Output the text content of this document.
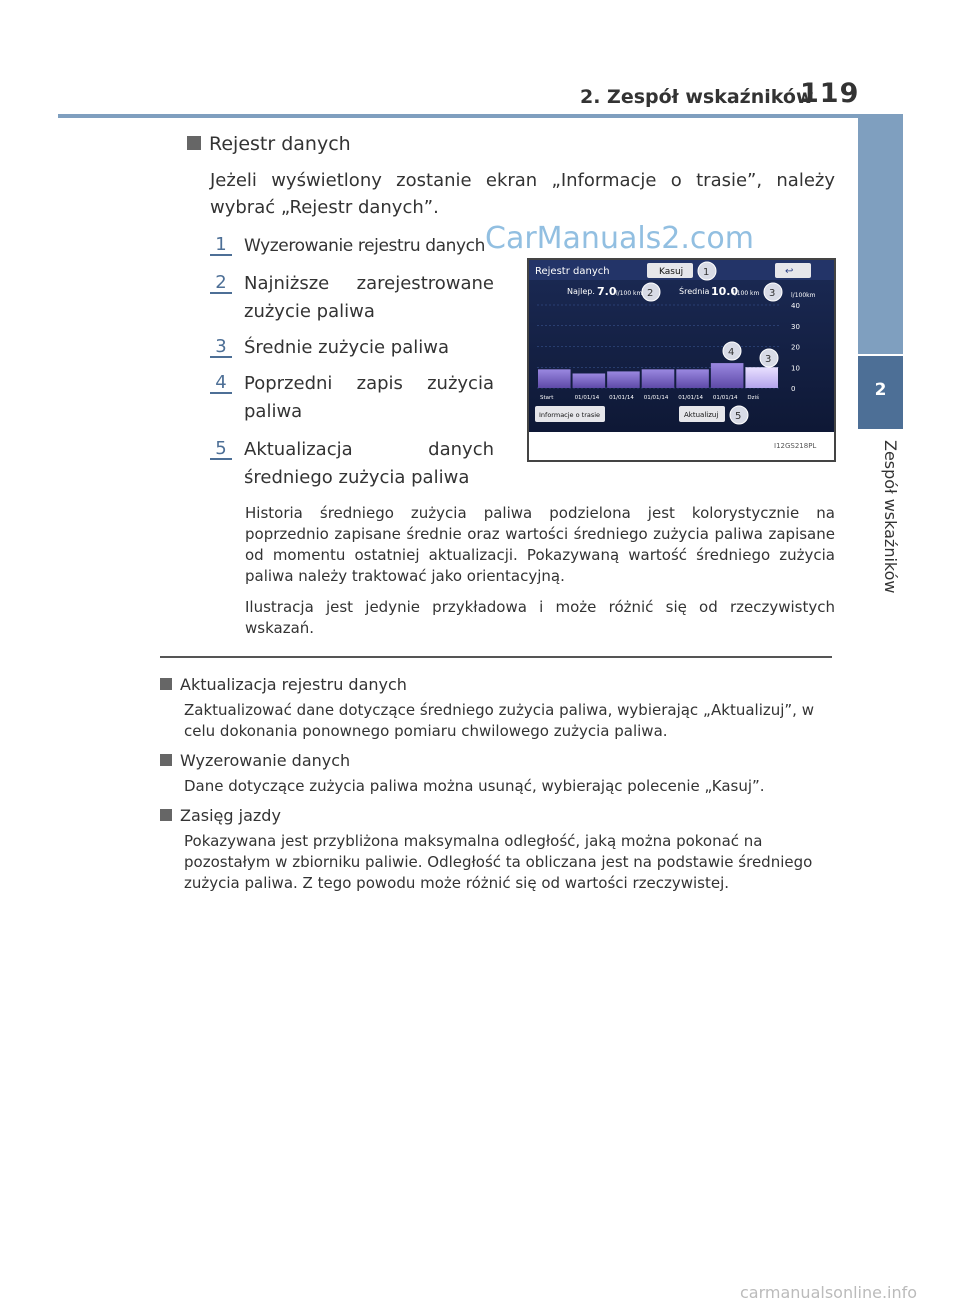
2. Zespół wskaźników
119
2
Zespół wskaźników
Rejestr danych
Jeżeli wyświetlony zostanie ekran „Informacje o trasie”, należy wybrać „Rejestr danych”.
1	Wyzerowanie rejestru danych
2 Najniższe zarejestrowane zużycie paliwa
3 Średnie zużycie paliwa
4 Poprzedni zapis zużycia paliwa
5 Aktualizacja danych średniego zużycia paliwa
Rejestr danych	Kasuj	↩
Najlep. 7.0 l/100 km	Średnia 10.0
l/100 km	l/100km
40
30
20
10
0
Start	01/01/14 01/01/14 01/01/14 01/01/14 01/01/14 Dziś
Informacje o trasie	Aktualizuj
I12GS218PL
1
2	3
4
3
5
Historia średniego zużycia paliwa podzielona jest kolorystycznie na poprzednio zapisane średnie oraz wartości średniego zużycia paliwa zapisane od momentu ostatniej aktualizacji. Pokazywaną wartość średniego zużycia paliwa należy traktować jako orientacyjną.
Ilustracja jest jedynie przykładowa i może różnić się od rzeczywistych wskazań.
Aktualizacja rejestru danych
Zaktualizować dane dotyczące średniego zużycia paliwa, wybierając „Aktualizuj”, w celu dokonania ponownego pomiaru chwilowego zużycia paliwa.
Wyzerowanie danych
Dane dotyczące zużycia paliwa można usunąć, wybierając polecenie „Kasuj”.
Zasięg jazdy
Pokazywana jest przybliżona maksymalna odległość, jaką można pokonać na pozostałym w zbiorniku paliwie. Odległość ta obliczana jest na podstawie średniego zużycia paliwa. Z tego powodu może różnić się od wartości rzeczywistej.
CarManuals2.com
carmanualsonline.info
